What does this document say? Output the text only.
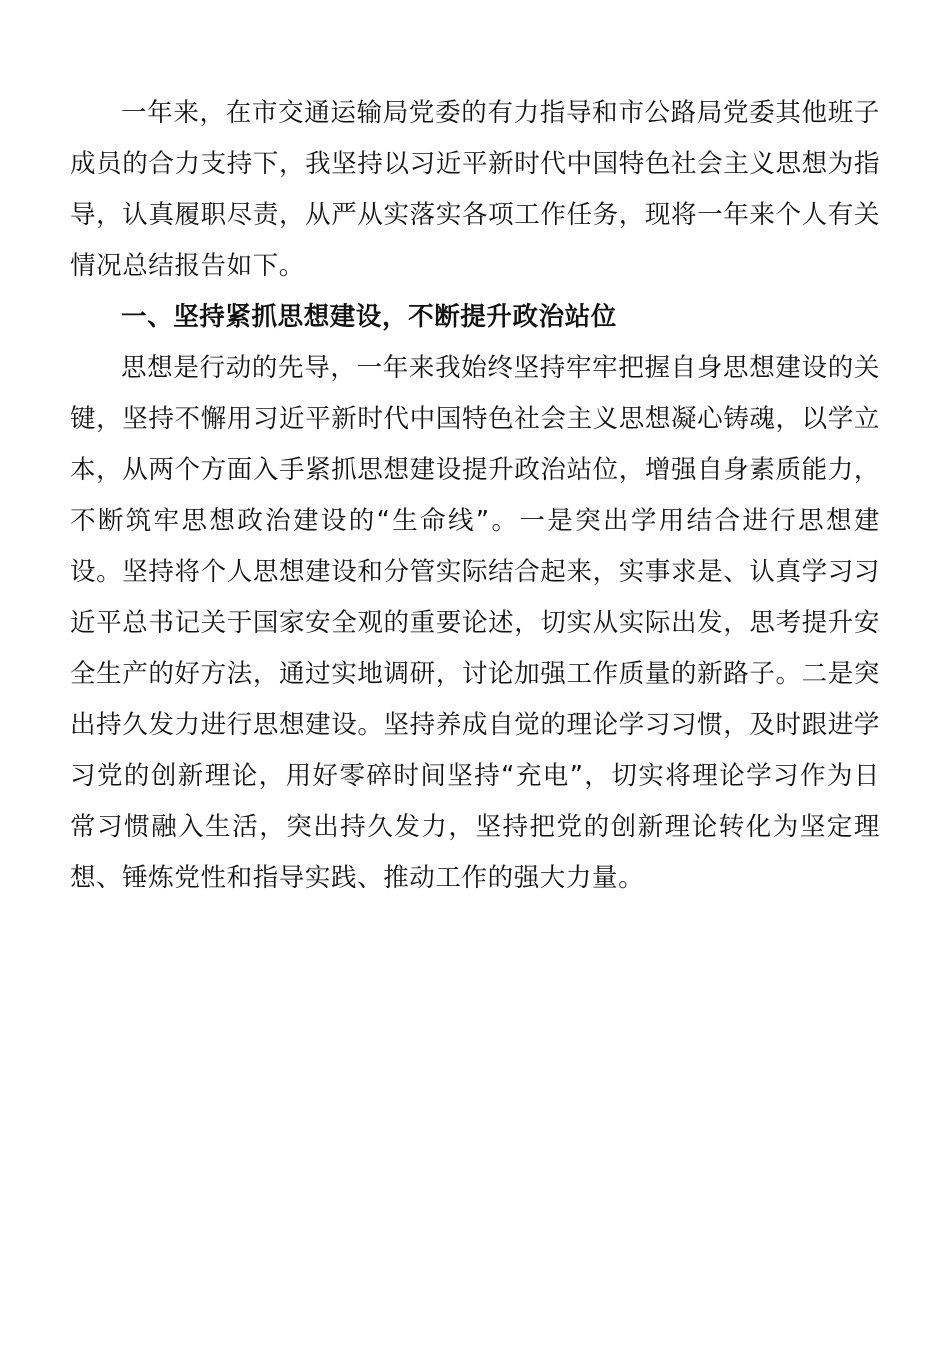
一年来，在市交通运输局党委的有力指导和市公路局党委其他班子成员的合力支持下，我坚持以习近平新时代中国特色社会主义思想为指导，认真履职尽责，从严从实落实各项工作任务，现将一年来个人有关情况总结报告如下。

一、坚持紧抓思想建设，不断提升政治站位

思想是行动的先导，一年来我始终坚持牢牢把握自身思想建设的关键，坚持不懈用习近平新时代中国特色社会主义思想凝心铸魂，以学立本，从两个方面入手紧抓思想建设提升政治站位，增强自身素质能力，不断筑牢思想政治建设的“生命线”。一是突出学用结合进行思想建设。坚持将个人思想建设和分管实际结合起来，实事求是、认真学习习近平总书记关于国家安全观的重要论述，切实从实际出发，思考提升安全生产的好方法，通过实地调研，讨论加强工作质量的新路子。二是突出持久发力进行思想建设。坚持养成自觉的理论学习习惯，及时跟进学习党的创新理论，用好零碎时间坚持“充电”，切实将理论学习作为日常习惯融入生活，突出持久发力，坚持把党的创新理论转化为坚定理想、锤炼党性和指导实践、推动工作的强大力量。
